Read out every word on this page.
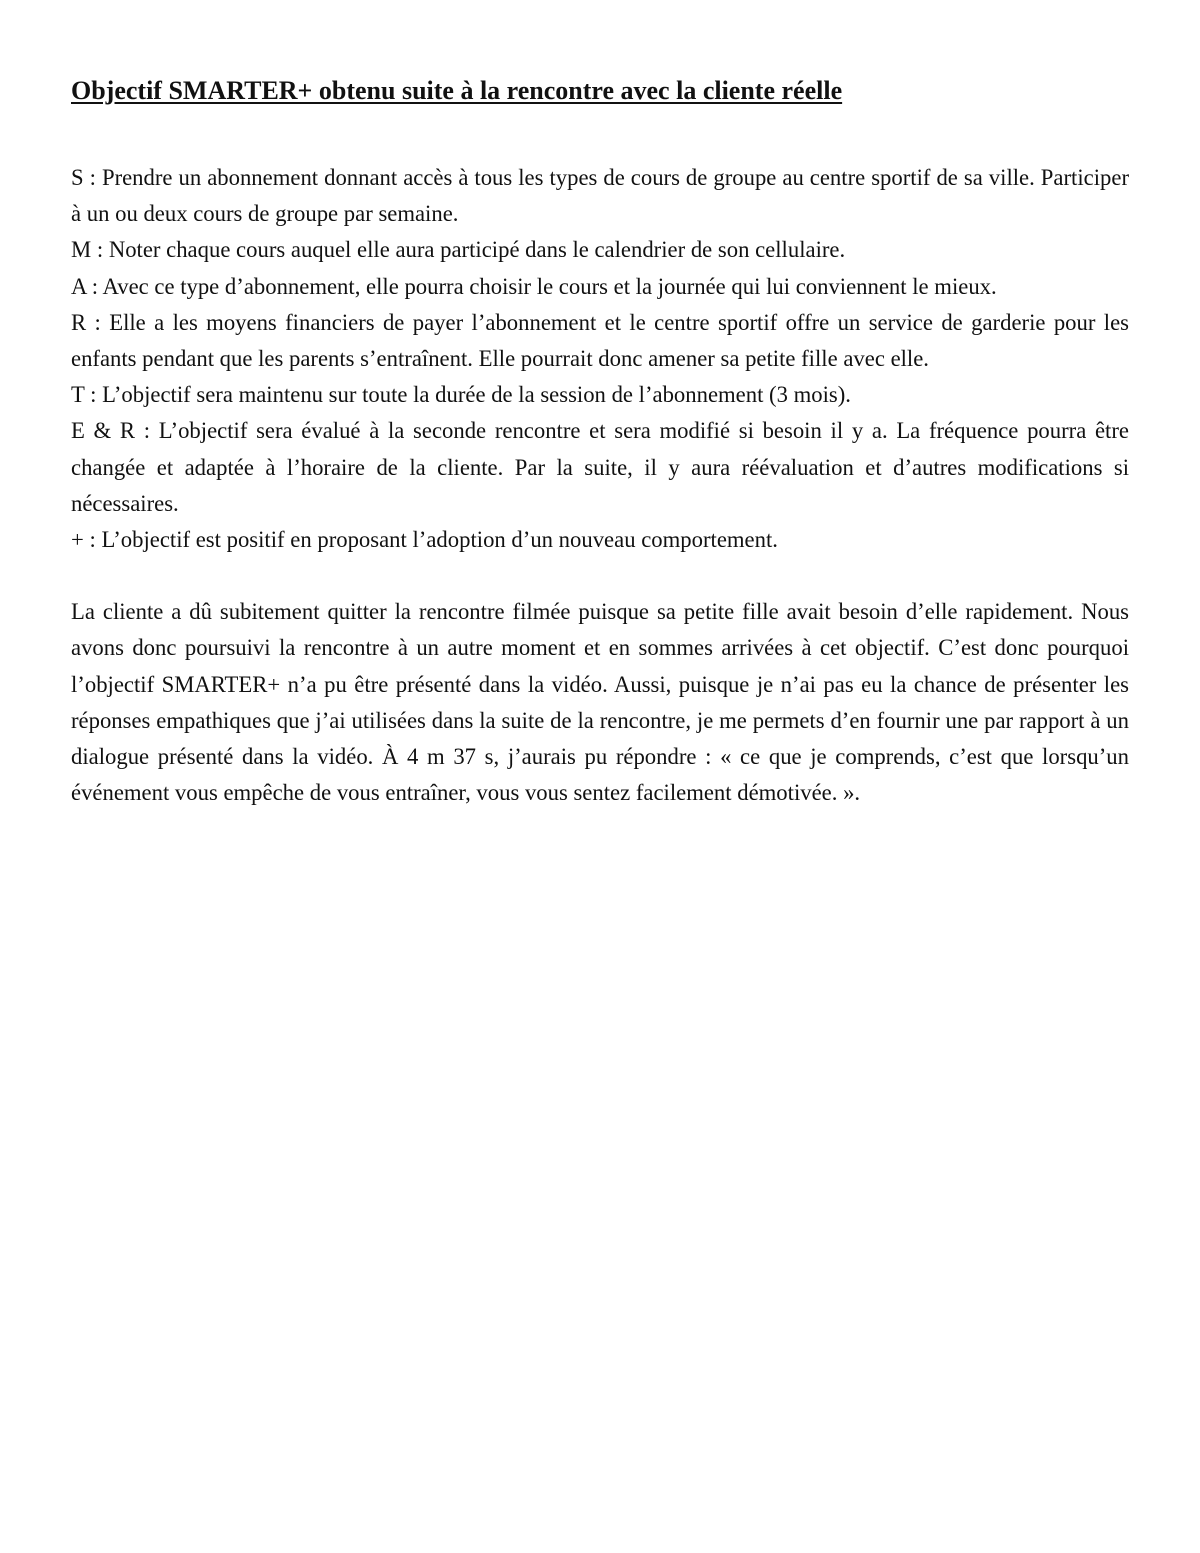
Objectif SMARTER+ obtenu suite à la rencontre avec la cliente réelle

S : Prendre un abonnement donnant accès à tous les types de cours de groupe au centre sportif de sa ville. Participer à un ou deux cours de groupe par semaine.

M : Noter chaque cours auquel elle aura participé dans le calendrier de son cellulaire.

A : Avec ce type d’abonnement, elle pourra choisir le cours et la journée qui lui conviennent le mieux.

R : Elle a les moyens financiers de payer l’abonnement et le centre sportif offre un service de garderie pour les enfants pendant que les parents s’entraînent. Elle pourrait donc amener sa petite fille avec elle.

T : L’objectif sera maintenu sur toute la durée de la session de l’abonnement (3 mois).

E & R : L’objectif sera évalué à la seconde rencontre et sera modifié si besoin il y a. La fréquence pourra être changée et adaptée à l’horaire de la cliente. Par la suite, il y aura réévaluation et d’autres modifications si nécessaires.

+ : L’objectif est positif en proposant l’adoption d’un nouveau comportement.

La cliente a dû subitement quitter la rencontre filmée puisque sa petite fille avait besoin d’elle rapidement. Nous avons donc poursuivi la rencontre à un autre moment et en sommes arrivées à cet objectif. C’est donc pourquoi l’objectif SMARTER+ n’a pu être présenté dans la vidéo. Aussi, puisque je n’ai pas eu la chance de présenter les réponses empathiques que j’ai utilisées dans la suite de la rencontre, je me permets d’en fournir une par rapport à un dialogue présenté dans la vidéo. À 4 m 37 s, j’aurais pu répondre : « ce que je comprends, c’est que lorsqu’un événement vous empêche de vous entraîner, vous vous sentez facilement démotivée. ».
